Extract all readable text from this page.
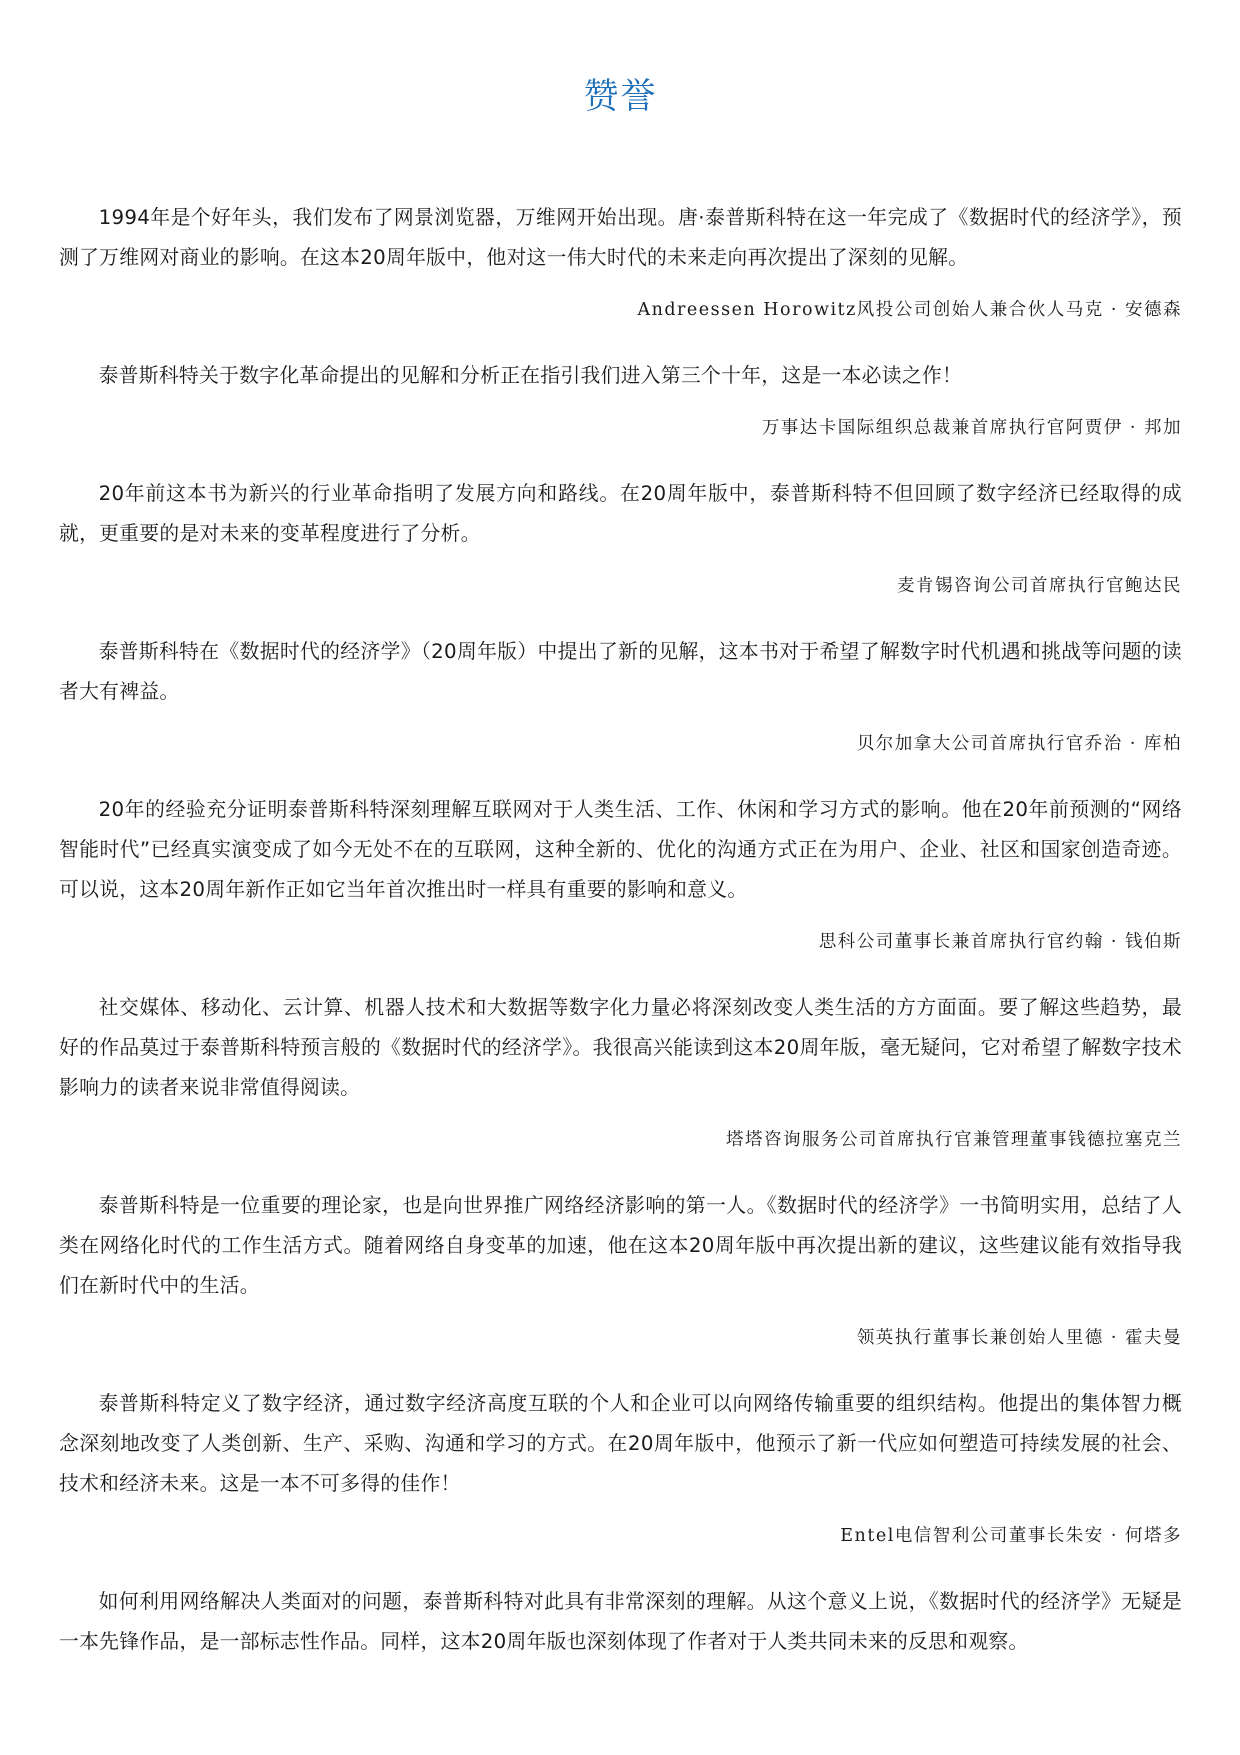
赞誉

1994年是个好年头，我们发布了网景浏览器，万维网开始出现。唐·泰普斯科特在这一年完成了《数据时代的经济学》，预测了万维网对商业的影响。在这本20周年版中，他对这一伟大时代的未来走向再次提出了深刻的见解。

Andreessen Horowitz风投公司创始人兼合伙人马克 · 安德森

泰普斯科特关于数字化革命提出的见解和分析正在指引我们进入第三个十年，这是一本必读之作！

万事达卡国际组织总裁兼首席执行官阿贾伊 · 邦加

20年前这本书为新兴的行业革命指明了发展方向和路线。在20周年版中，泰普斯科特不但回顾了数字经济已经取得的成就，更重要的是对未来的变革程度进行了分析。

麦肯锡咨询公司首席执行官鲍达民

泰普斯科特在《数据时代的经济学》（20周年版）中提出了新的见解，这本书对于希望了解数字时代机遇和挑战等问题的读者大有裨益。

贝尔加拿大公司首席执行官乔治 · 库柏

20年的经验充分证明泰普斯科特深刻理解互联网对于人类生活、工作、休闲和学习方式的影响。他在20年前预测的“网络智能时代”已经真实演变成了如今无处不在的互联网，这种全新的、优化的沟通方式正在为用户、企业、社区和国家创造奇迹。可以说，这本20周年新作正如它当年首次推出时一样具有重要的影响和意义。

思科公司董事长兼首席执行官约翰 · 钱伯斯

社交媒体、移动化、云计算、机器人技术和大数据等数字化力量必将深刻改变人类生活的方方面面。要了解这些趋势，最好的作品莫过于泰普斯科特预言般的《数据时代的经济学》。我很高兴能读到这本20周年版，毫无疑问，它对希望了解数字技术影响力的读者来说非常值得阅读。

塔塔咨询服务公司首席执行官兼管理董事钱德拉塞克兰

泰普斯科特是一位重要的理论家，也是向世界推广网络经济影响的第一人。《数据时代的经济学》一书简明实用，总结了人类在网络化时代的工作生活方式。随着网络自身变革的加速，他在这本20周年版中再次提出新的建议，这些建议能有效指导我们在新时代中的生活。

领英执行董事长兼创始人里德 · 霍夫曼

泰普斯科特定义了数字经济，通过数字经济高度互联的个人和企业可以向网络传输重要的组织结构。他提出的集体智力概念深刻地改变了人类创新、生产、采购、沟通和学习的方式。在20周年版中，他预示了新一代应如何塑造可持续发展的社会、技术和经济未来。这是一本不可多得的佳作！

Entel电信智利公司董事长朱安 · 何塔多

如何利用网络解决人类面对的问题，泰普斯科特对此具有非常深刻的理解。从这个意义上说，《数据时代的经济学》无疑是一本先锋作品，是一部标志性作品。同样，这本20周年版也深刻体现了作者对于人类共同未来的反思和观察。
